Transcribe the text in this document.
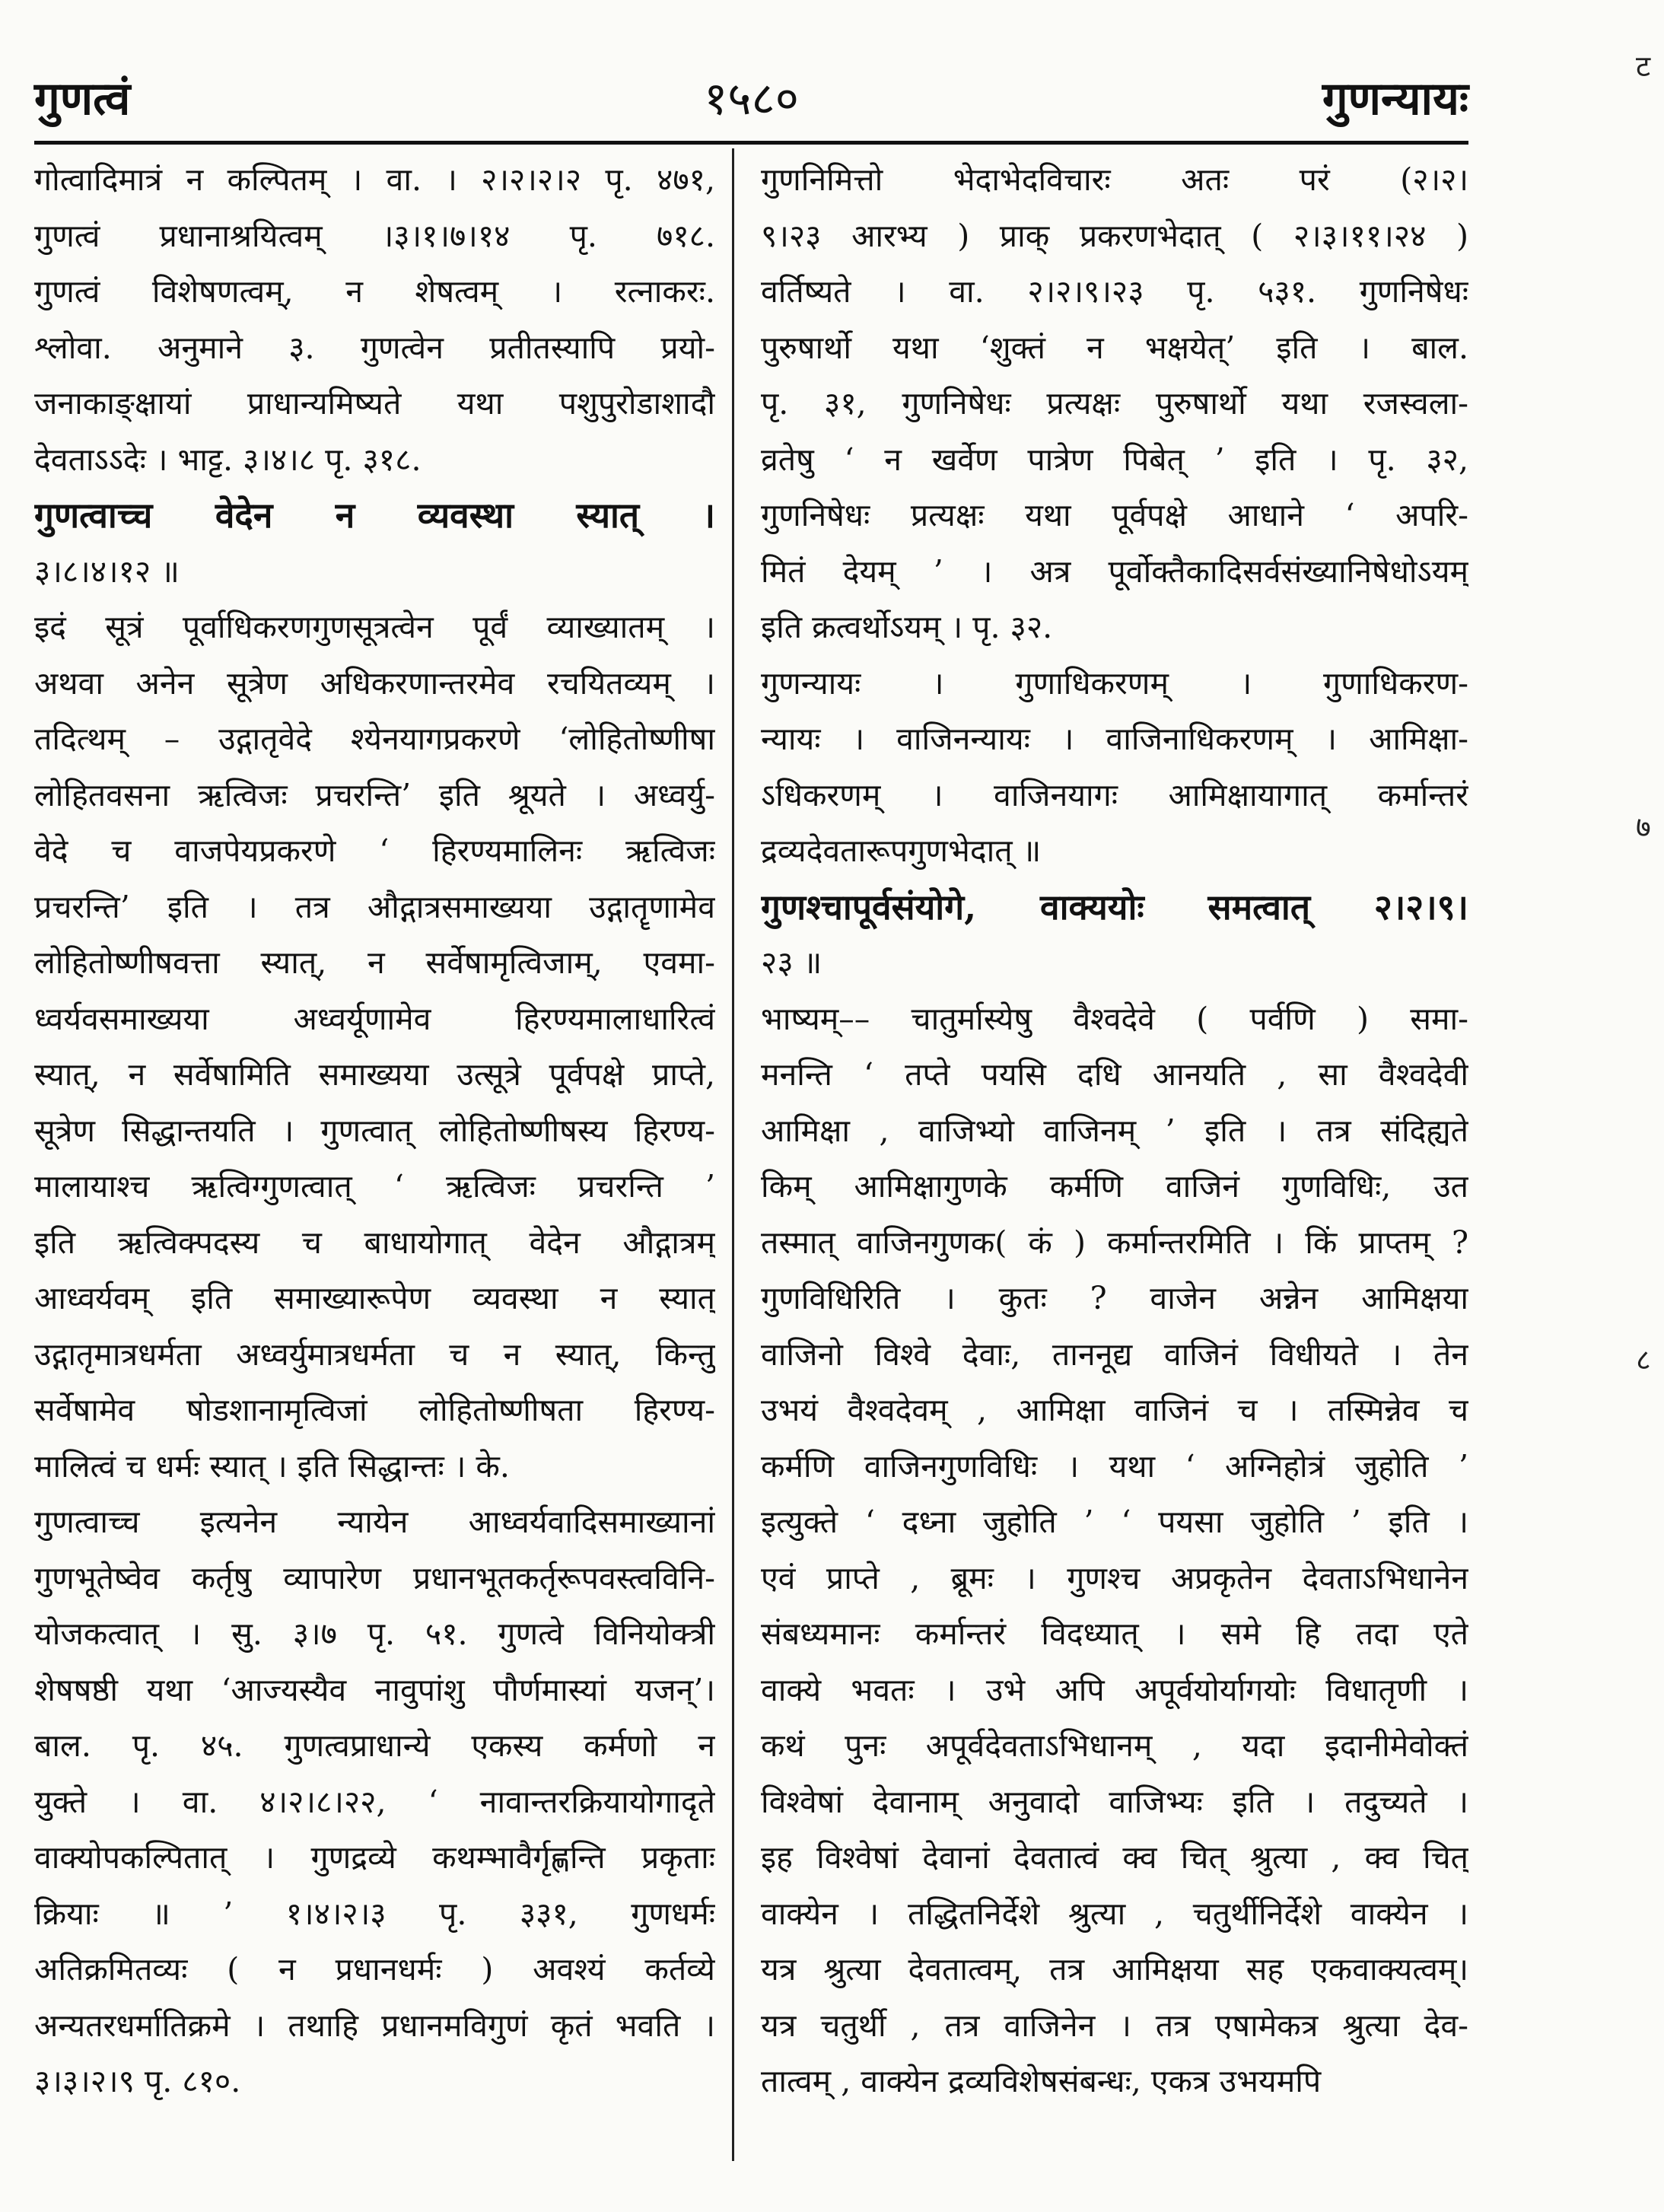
गुणत्वं	१५८०	गुणन्यायः
गोत्वादिमात्रं न कल्पितम् । वा. । २।२।२।२ पृ. ४७१,
गुणत्वं प्रधानाश्रयित्वम् ।३।१।७।१४ पृ. ७१८.
गुणत्वं विशेषणत्वम्, न शेषत्वम् । रत्नाकरः.
श्लोवा. अनुमाने ३. गुणत्वेन प्रतीतस्यापि प्रयो-
जनाकाङ्क्षायां प्राधान्यमिष्यते यथा पशुपुरोडाशादौ
देवताऽऽदेः । भाट्ट. ३।४।८ पृ. ३१८.
गुणत्वाच्च वेदेन न व्यवस्था स्यात् ।
३।८।४।१२ ॥
इदं सूत्रं पूर्वाधिकरणगुणसूत्रत्वेन पूर्वं व्याख्यातम् ।
अथवा अनेन सूत्रेण अधिकरणान्तरमेव रचयितव्यम् ।
तदित्थम् – उद्गातृवेदे श्येनयागप्रकरणे ‘लोहितोष्णीषा
लोहितवसना ऋत्विजः प्रचरन्ति’ इति श्रूयते । अध्वर्यु-
वेदे च वाजपेयप्रकरणे ‘ हिरण्यमालिनः ऋत्विजः
प्रचरन्ति’ इति । तत्र औद्गात्रसमाख्यया उद्गातॄणामेव
लोहितोष्णीषवत्ता स्यात्, न सर्वेषामृत्विजाम्, एवमा-
ध्वर्यवसमाख्यया अध्वर्यूणामेव हिरण्यमालाधारित्वं
स्यात्, न सर्वेषामिति समाख्यया उत्सूत्रे पूर्वपक्षे प्राप्ते,
सूत्रेण सिद्धान्तयति । गुणत्वात् लोहितोष्णीषस्य हिरण्य-
मालायाश्च ऋत्विग्गुणत्वात् ‘ ऋत्विजः प्रचरन्ति ’
इति ऋत्विक्पदस्य च बाधायोगात् वेदेन औद्गात्रम्
आध्वर्यवम् इति समाख्यारूपेण व्यवस्था न स्यात्
उद्गातृमात्रधर्मता अध्वर्युमात्रधर्मता च न स्यात्, किन्तु
सर्वेषामेव षोडशानामृत्विजां लोहितोष्णीषता हिरण्य-
मालित्वं च धर्मः स्यात् । इति सिद्धान्तः । के.
गुणत्वाच्च इत्यनेन न्यायेन आध्वर्यवादिसमाख्यानां
गुणभूतेष्वेव कर्तृषु व्यापारेण प्रधानभूतकर्तृरूपवस्त्वविनि-
योजकत्वात् । सु. ३।७ पृ. ५१. गुणत्वे विनियोक्त्री
शेषषष्ठी यथा ‘आज्यस्यैव नावुपांशु पौर्णमास्यां यजन्’।
बाल. पृ. ४५. गुणत्वप्राधान्ये एकस्य कर्मणो न
युक्ते । वा. ४।२।८।२२, ‘ नावान्तरक्रियायोगादृते
वाक्योपकल्पितात् । गुणद्रव्ये कथम्भावैर्गृह्णन्ति प्रकृताः
क्रियाः ॥ ’ १।४।२।३ पृ. ३३१, गुणधर्मः
अतिक्रमितव्यः ( न प्रधानधर्मः ) अवश्यं कर्तव्ये
अन्यतरधर्मातिक्रमे । तथाहि प्रधानमविगुणं कृतं भवति ।
३।३।२।९ पृ. ८१०.
गुणनिमित्तो भेदाभेदविचारः अतः परं (२।२।
९।२३ आरभ्य ) प्राक् प्रकरणभेदात् ( २।३।११।२४ )
वर्तिष्यते । वा. २।२।९।२३ पृ. ५३१. गुणनिषेधः
पुरुषार्थो यथा ‘शुक्तं न भक्षयेत्’ इति । बाल.
पृ. ३१, गुणनिषेधः प्रत्यक्षः पुरुषार्थो यथा रजस्वला-
व्रतेषु ‘ न खर्वेण पात्रेण पिबेत् ’ इति । पृ. ३२,
गुणनिषेधः प्रत्यक्षः यथा पूर्वपक्षे आधाने ‘ अपरि-
मितं देयम् ’ । अत्र पूर्वोक्तैकादिसर्वसंख्यानिषेधोऽयम्
इति क्रत्वर्थोऽयम् । पृ. ३२.
गुणन्यायः । गुणाधिकरणम् । गुणाधिकरण-
न्यायः । वाजिनन्यायः । वाजिनाधिकरणम् । आमिक्षा-
ऽधिकरणम् । वाजिनयागः आमिक्षायागात् कर्मान्तरं
द्रव्यदेवतारूपगुणभेदात् ॥
गुणश्चापूर्वसंयोगे, वाक्ययोः समत्वात् २।२।९।
२३ ॥
भाष्यम्–– चातुर्मास्येषु वैश्वदेवे ( पर्वणि ) समा-
मनन्ति ‘ तप्ते पयसि दधि आनयति , सा वैश्वदेवी
आमिक्षा , वाजिभ्यो वाजिनम् ’ इति । तत्र संदिह्यते
किम् आमिक्षागुणके कर्मणि वाजिनं गुणविधिः, उत
तस्मात् वाजिनगुणक( कं ) कर्मान्तरमिति । किं प्राप्तम् ?
गुणविधिरिति । कुतः ? वाजेन अन्नेन आमिक्षया
वाजिनो विश्वे देवाः, ताननूद्य वाजिनं विधीयते । तेन
उभयं वैश्वदेवम् , आमिक्षा वाजिनं च । तस्मिन्नेव च
कर्मणि वाजिनगुणविधिः । यथा ‘ अग्निहोत्रं जुहोति ’
इत्युक्ते ‘ दध्ना जुहोति ’ ‘ पयसा जुहोति ’ इति ।
एवं प्राप्ते , ब्रूमः । गुणश्च अप्रकृतेन देवताऽभिधानेन
संबध्यमानः कर्मान्तरं विदध्यात् । समे हि तदा एते
वाक्ये भवतः । उभे अपि अपूर्वयोर्यागयोः विधातृणी ।
कथं पुनः अपूर्वदेवताऽभिधानम् , यदा इदानीमेवोक्तं
विश्वेषां देवानाम् अनुवादो वाजिभ्यः इति । तदुच्यते ।
इह विश्वेषां देवानां देवतात्वं क्व चित् श्रुत्या , क्व चित्
वाक्येन । तद्धितनिर्देशे श्रुत्या , चतुर्थीनिर्देशे वाक्येन ।
यत्र श्रुत्या देवतात्वम्, तत्र आमिक्षया सह एकवाक्यत्वम्।
यत्र चतुर्थी , तत्र वाजिनेन । तत्र एषामेकत्र श्रुत्या देव-
तात्वम् , वाक्येन द्रव्यविशेषसंबन्धः, एकत्र उभयमपि
ट
७
८
